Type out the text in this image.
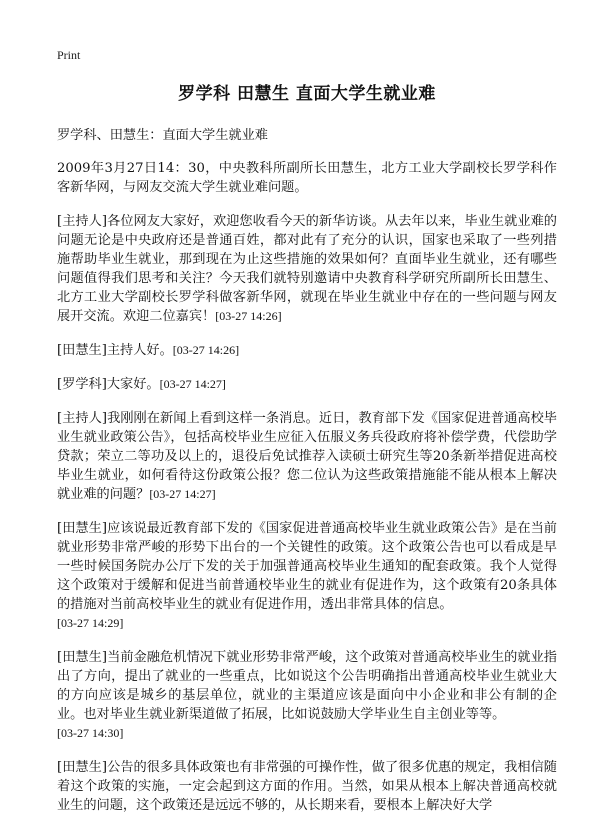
Print
罗学科 田慧生 直面大学生就业难
罗学科、田慧生：直面大学生就业难

2009年3月27日14：30，中央教科所副所长田慧生，北方工业大学副校长罗学科作客新华网，与网友交流大学生就业难问题。

[主持人]各位网友大家好，欢迎您收看今天的新华访谈。从去年以来，毕业生就业难的问题无论是中央政府还是普通百姓，都对此有了充分的认识，国家也采取了一些列措施帮助毕业生就业，那到现在为止这些措施的效果如何？直面毕业生就业，还有哪些问题值得我们思考和关注？今天我们就特别邀请中央教育科学研究所副所长田慧生、北方工业大学副校长罗学科做客新华网，就现在毕业生就业中存在的一些问题与网友展开交流。欢迎二位嘉宾！[03-27 14:26]

[田慧生]主持人好。[03-27 14:26]

[罗学科]大家好。[03-27 14:27]

[主持人]我刚刚在新闻上看到这样一条消息。近日，教育部下发《国家促进普通高校毕业生就业政策公告》，包括高校毕业生应征入伍服义务兵役政府将补偿学费，代偿助学贷款；荣立二等功及以上的，退役后免试推荐入读硕士研究生等20条新举措促进高校毕业生就业，如何看待这份政策公报？您二位认为这些政策措施能不能从根本上解决就业难的问题？[03-27 14:27]

[田慧生]应该说最近教育部下发的《国家促进普通高校毕业生就业政策公告》是在当前就业形势非常严峻的形势下出台的一个关键性的政策。这个政策公告也可以看成是早一些时候国务院办公厅下发的关于加强普通高校毕业生通知的配套政策。我个人觉得这个政策对于缓解和促进当前普通校毕业生的就业有促进作为，这个政策有20条具体的措施对当前高校毕业生的就业有促进作用，透出非常具体的信息。
[03-27 14:29]

[田慧生]当前金融危机情况下就业形势非常严峻，这个政策对普通高校毕业生的就业指出了方向，提出了就业的一些重点，比如说这个公告明确指出普通高校毕业生就业大的方向应该是城乡的基层单位，就业的主渠道应该是面向中小企业和非公有制的企业。也对毕业生就业新渠道做了拓展，比如说鼓励大学毕业生自主创业等等。
[03-27 14:30]

[田慧生]公告的很多具体政策也有非常强的可操作性，做了很多优惠的规定，我相信随着这个政策的实施，一定会起到这方面的作用。当然，如果从根本上解决普通高校就业生的问题，这个政策还是远远不够的，从长期来看，要根本上解决好大学
